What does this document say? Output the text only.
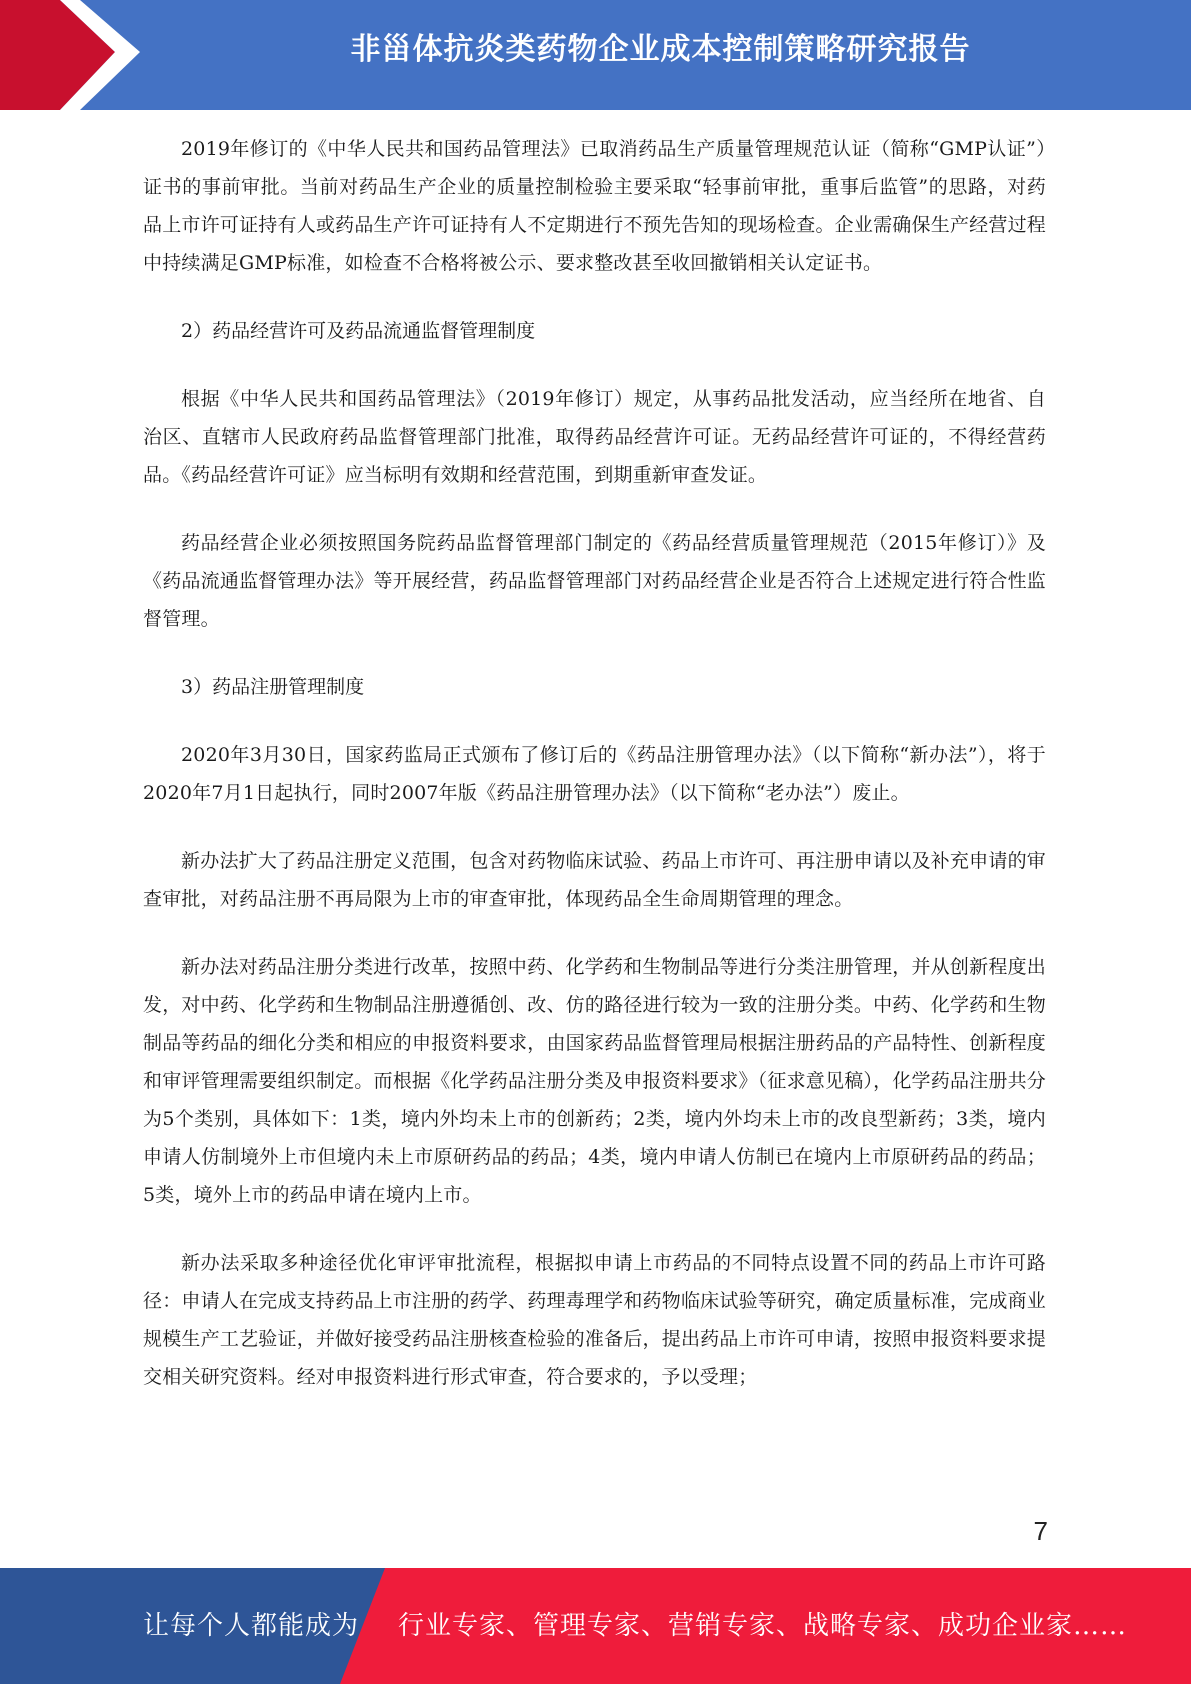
非甾体抗炎类药物企业成本控制策略研究报告

2019年修订的《中华人民共和国药品管理法》已取消药品生产质量管理规范认证（简称“GMP认证”）证书的事前审批。当前对药品生产企业的质量控制检验主要采取“轻事前审批，重事后监管”的思路，对药品上市许可证持有人或药品生产许可证持有人不定期进行不预先告知的现场检查。企业需确保生产经营过程中持续满足GMP标准，如检查不合格将被公示、要求整改甚至收回撤销相关认定证书。

2）药品经营许可及药品流通监督管理制度

根据《中华人民共和国药品管理法》（2019年修订）规定，从事药品批发活动，应当经所在地省、自治区、直辖市人民政府药品监督管理部门批准，取得药品经营许可证。无药品经营许可证的，不得经营药品。《药品经营许可证》应当标明有效期和经营范围，到期重新审查发证。

药品经营企业必须按照国务院药品监督管理部门制定的《药品经营质量管理规范（2015年修订）》及《药品流通监督管理办法》等开展经营，药品监督管理部门对药品经营企业是否符合上述规定进行符合性监督管理。

3）药品注册管理制度

2020年3月30日，国家药监局正式颁布了修订后的《药品注册管理办法》（以下简称“新办法”），将于2020年7月1日起执行，同时2007年版《药品注册管理办法》（以下简称“老办法”）废止。

新办法扩大了药品注册定义范围，包含对药物临床试验、药品上市许可、再注册申请以及补充申请的审查审批，对药品注册不再局限为上市的审查审批，体现药品全生命周期管理的理念。

新办法对药品注册分类进行改革，按照中药、化学药和生物制品等进行分类注册管理，并从创新程度出发，对中药、化学药和生物制品注册遵循创、改、仿的路径进行较为一致的注册分类。中药、化学药和生物制品等药品的细化分类和相应的申报资料要求，由国家药品监督管理局根据注册药品的产品特性、创新程度和审评管理需要组织制定。而根据《化学药品注册分类及申报资料要求》（征求意见稿），化学药品注册共分为5个类别，具体如下：1类，境内外均未上市的创新药；2类，境内外均未上市的改良型新药；3类，境内申请人仿制境外上市但境内未上市原研药品的药品；4类，境内申请人仿制已在境内上市原研药品的药品；5类，境外上市的药品申请在境内上市。

新办法采取多种途径优化审评审批流程，根据拟申请上市药品的不同特点设置不同的药品上市许可路径：申请人在完成支持药品上市注册的药学、药理毒理学和药物临床试验等研究，确定质量标准，完成商业规模生产工艺验证，并做好接受药品注册核查检验的准备后，提出药品上市许可申请，按照申报资料要求提交相关研究资料。经对申报资料进行形式审查，符合要求的，予以受理；

7
让每个人都能成为 行业专家、管理专家、营销专家、战略专家、成功企业家……
